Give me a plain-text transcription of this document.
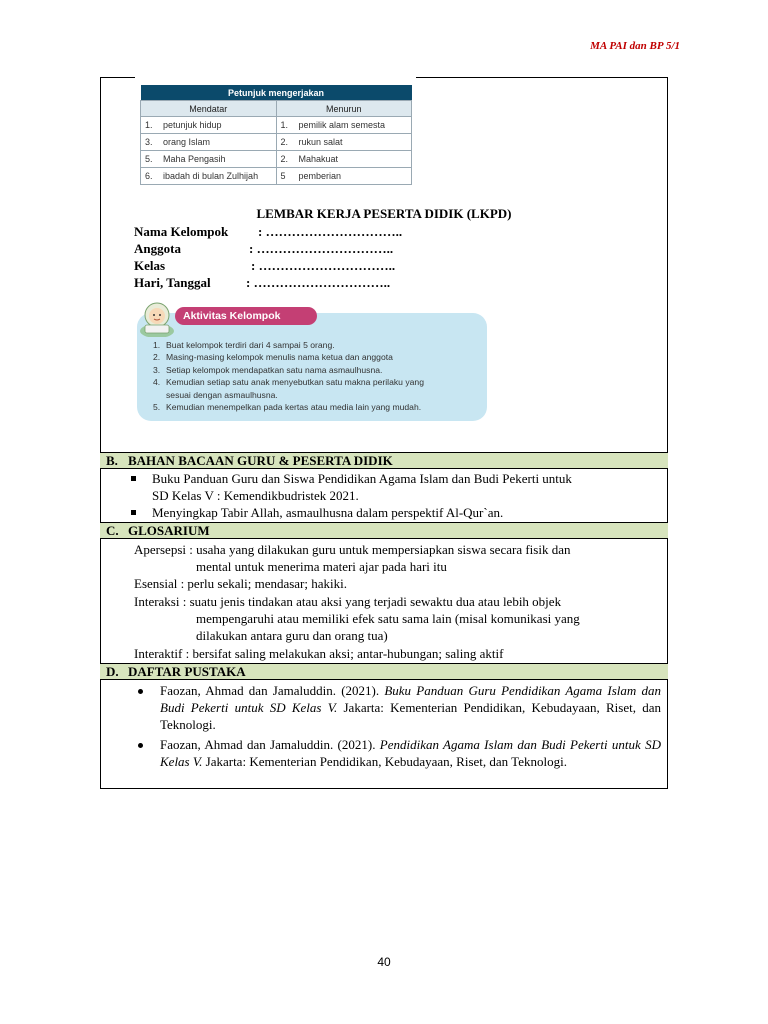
MA PAI dan BP 5/1
Petunjuk mengerjakan	
Mendatar	Menurun
1. petunjuk hidup	1. pemilik alam semesta
3. orang Islam	2. rukun salat
5. Maha Pengasih	2. Mahakuat
6. ibadah di bulan Zulhijah	5 pemberian
LEMBAR KERJA PESERTA DIDIK (LKPD)
Nama Kelompok : …………………………..
Anggota	: …………………………..
Kelas	: …………………………..
Hari, Tanggal	: …………………………..
Aktivitas Kelompok
1. Buat kelompok terdiri dari 4 sampai 5 orang.
2. Masing-masing kelompok menulis nama ketua dan anggota
3. Setiap kelompok mendapatkan satu nama asmaulhusna.
4. Kemudian setiap satu anak menyebutkan satu makna perilaku yang
sesuai dengan asmaulhusna.
5. Kemudian menempelkan pada kertas atau media lain yang mudah.
B. BAHAN BACAAN GURU & PESERTA DIDIK
Buku Panduan Guru dan Siswa Pendidikan Agama Islam dan Budi Pekerti untuk
SD Kelas V : Kemendikbudristek 2021.
Menyingkap Tabir Allah, asmaulhusna dalam perspektif Al-Qur`an.
C. GLOSARIUM
Apersepsi : usaha yang dilakukan guru untuk mempersiapkan siswa secara fisik dan
mental untuk menerima materi ajar pada hari itu
Esensial : perlu sekali; mendasar; hakiki.
Interaksi : suatu jenis tindakan atau aksi yang terjadi sewaktu dua atau lebih objek
mempengaruhi atau memiliki efek satu sama lain (misal komunikasi yang
dilakukan antara guru dan orang tua)
Interaktif : bersifat saling melakukan aksi; antar-hubungan; saling aktif
D. DAFTAR PUSTAKA
Faozan, Ahmad dan Jamaluddin. (2021). Buku Panduan Guru Pendidikan Agama Islam dan Budi Pekerti untuk SD Kelas V. Jakarta: Kementerian Pendidikan, Kebudayaan, Riset, dan Teknologi.
Faozan, Ahmad dan Jamaluddin. (2021). Pendidikan Agama Islam dan Budi Pekerti untuk SD Kelas V. Jakarta: Kementerian Pendidikan, Kebudayaan, Riset, dan Teknologi.
40
